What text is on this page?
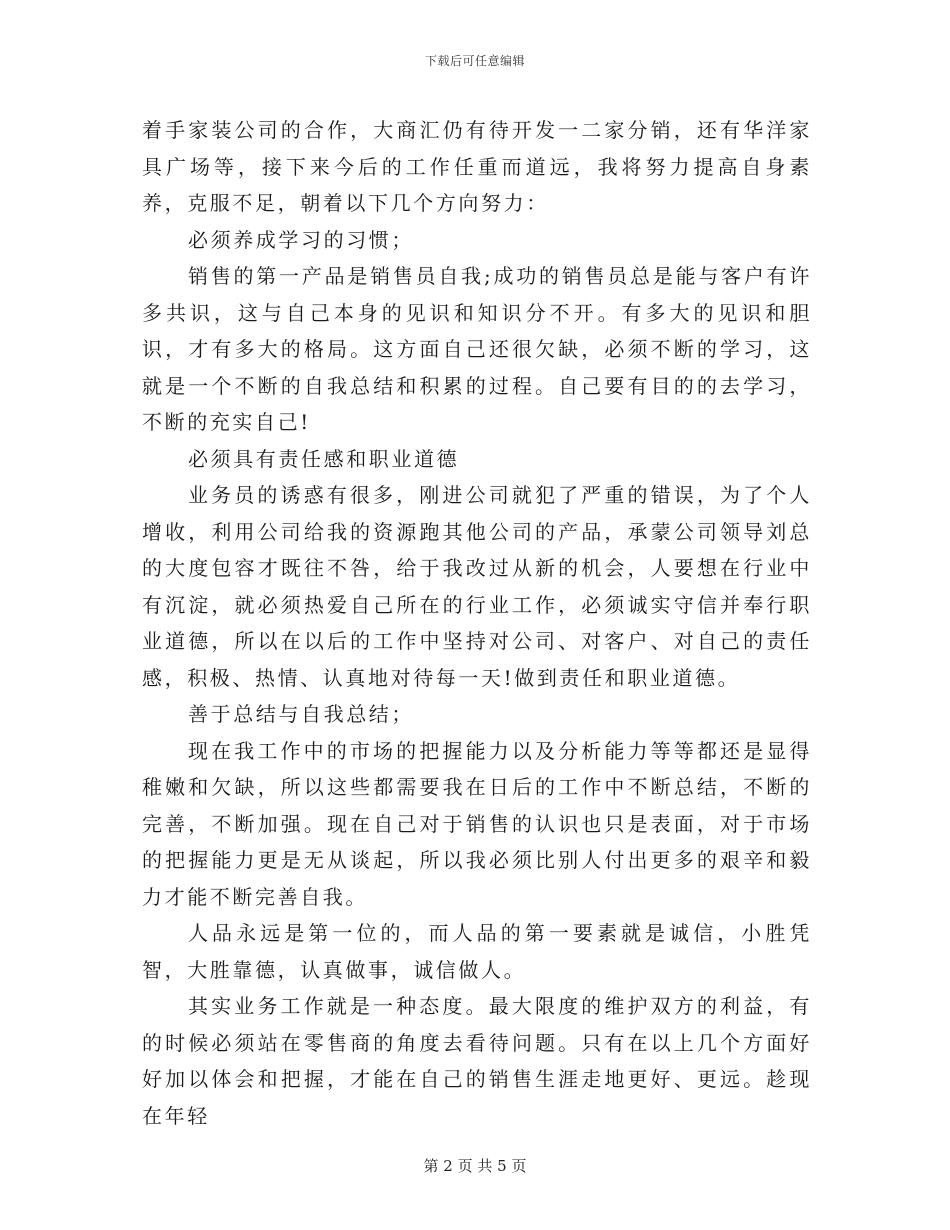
下载后可任意编辑

着手家装公司的合作，大商汇仍有待开发一二家分销，还有华洋家具广场等，接下来今后的工作任重而道远，我将努力提高自身素养，克服不足，朝着以下几个方向努力：

必须养成学习的习惯；

销售的第一产品是销售员自我;成功的销售员总是能与客户有许多共识，这与自己本身的见识和知识分不开。有多大的见识和胆识，才有多大的格局。这方面自己还很欠缺，必须不断的学习，这就是一个不断的自我总结和积累的过程。自己要有目的的去学习，不断的充实自己!

必须具有责任感和职业道德

业务员的诱惑有很多，刚进公司就犯了严重的错误，为了个人增收，利用公司给我的资源跑其他公司的产品，承蒙公司领导刘总的大度包容才既往不咎，给于我改过从新的机会，人要想在行业中有沉淀，就必须热爱自己所在的行业工作，必须诚实守信并奉行职业道德，所以在以后的工作中坚持对公司、对客户、对自己的责任感，积极、热情、认真地对待每一天!做到责任和职业道德。

善于总结与自我总结；

现在我工作中的市场的把握能力以及分析能力等等都还是显得稚嫩和欠缺，所以这些都需要我在日后的工作中不断总结，不断的完善，不断加强。现在自己对于销售的认识也只是表面，对于市场的把握能力更是无从谈起，所以我必须比别人付出更多的艰辛和毅力才能不断完善自我。

人品永远是第一位的，而人品的第一要素就是诚信，小胜凭智，大胜靠德，认真做事，诚信做人。

其实业务工作就是一种态度。最大限度的维护双方的利益，有的时候必须站在零售商的角度去看待问题。只有在以上几个方面好好加以体会和把握，才能在自己的销售生涯走地更好、更远。趁现在年轻

第 2 页 共 5 页
